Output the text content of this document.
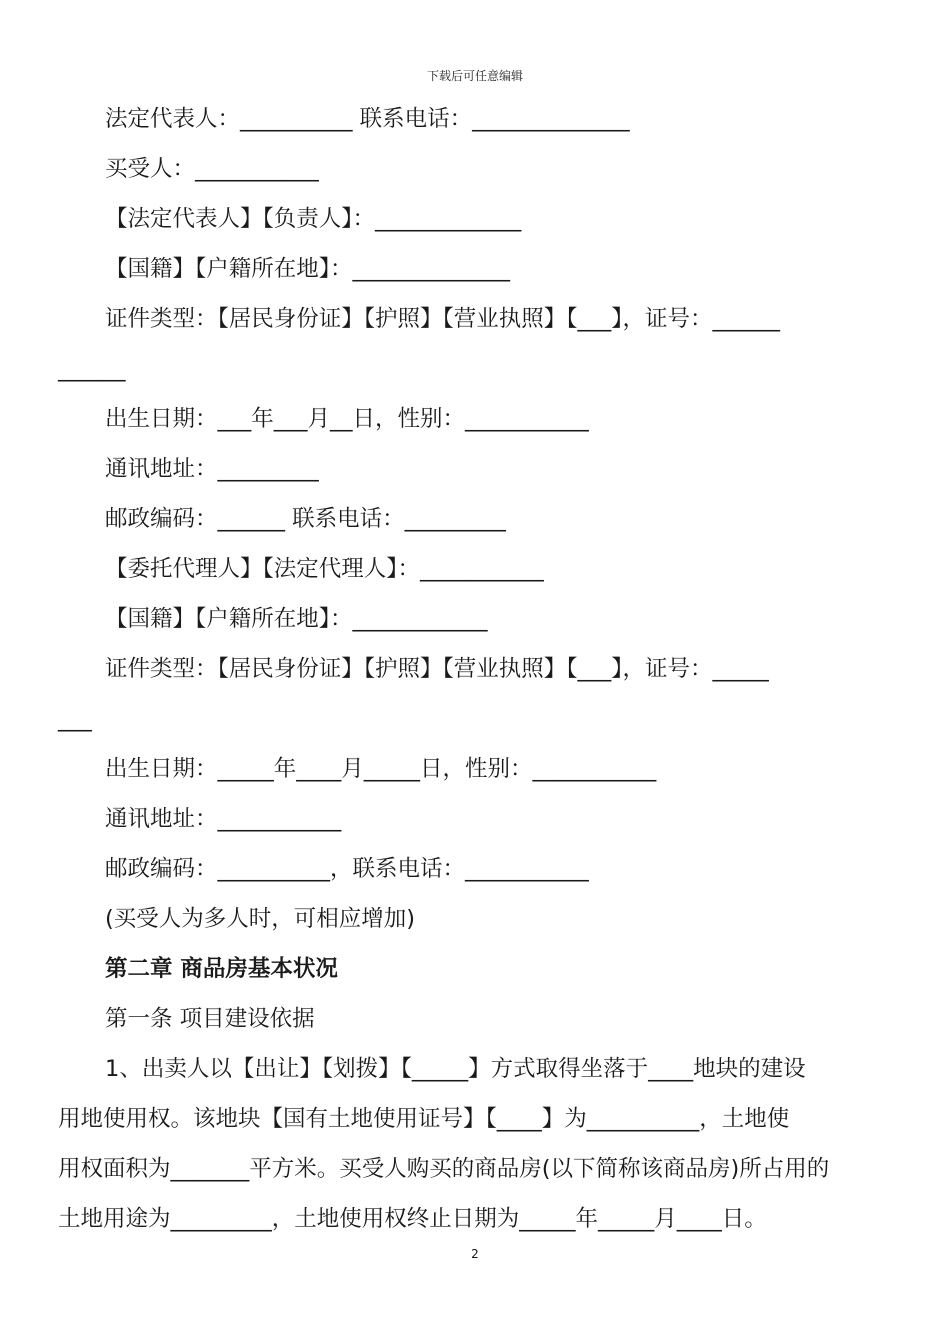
下载后可任意编辑
法定代表人：__________ 联系电话：______________
买受人：___________
【法定代表人】【负责人】：_____________
【国籍】【户籍所在地】：______________
证件类型：【居民身份证】【护照】【营业执照】【___】，证号：______
______
出生日期：___年___月__日，性别：___________
通讯地址：_________
邮政编码：______ 联系电话：_________
【委托代理人】【法定代理人】：___________
【国籍】【户籍所在地】：____________
证件类型：【居民身份证】【护照】【营业执照】【___】，证号：_____
___
出生日期：_____年____月_____日，性别：___________
通讯地址：___________
邮政编码：__________，联系电话：___________
(买受人为多人时，可相应增加)
第二章 商品房基本状况
第一条 项目建设依据
1、出卖人以【出让】【划拨】【_____】方式取得坐落于____地块的建设
用地使用权。该地块【国有土地使用证号】【____】为__________，土地使
用权面积为_______平方米。买受人购买的商品房(以下简称该商品房)所占用的
土地用途为_________，土地使用权终止日期为_____年_____月____日。
2
